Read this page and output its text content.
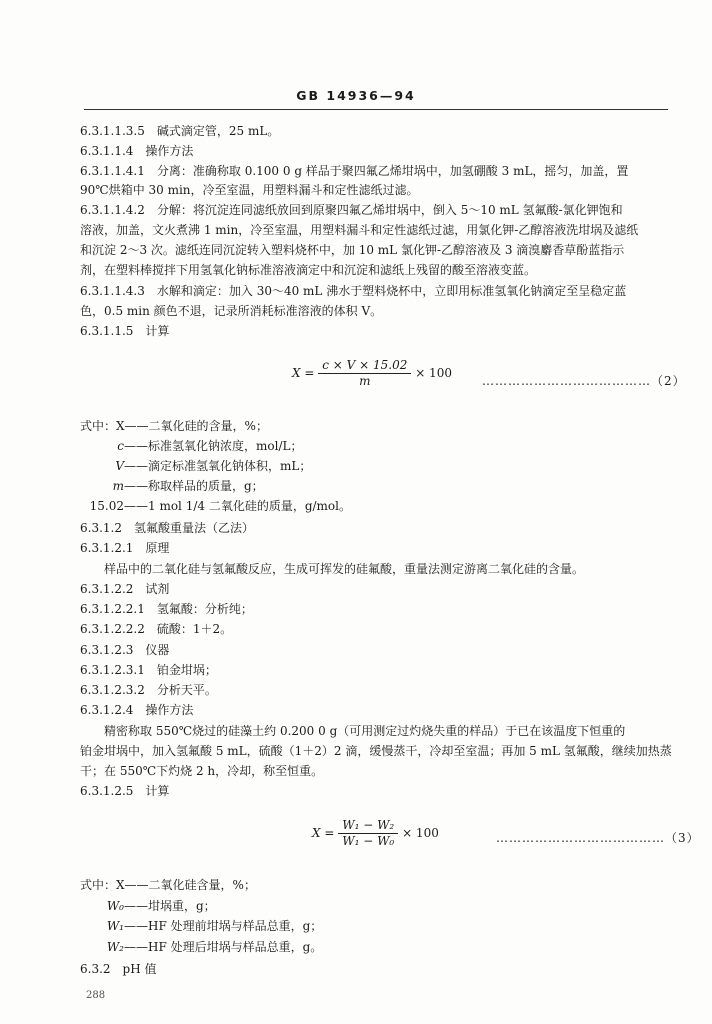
GB 14936—94
6.3.1.1.3.5　碱式滴定管，25 mL。
6.3.1.1.4　操作方法
6.3.1.1.4.1　分离：准确称取 0.100 0 g 样品于聚四氟乙烯坩埚中，加氢硼酸 3 mL，摇匀，加盖，置
90℃烘箱中 30 min，冷至室温，用塑料漏斗和定性滤纸过滤。
6.3.1.1.4.2　分解：将沉淀连同滤纸放回到原聚四氟乙烯坩埚中，倒入 5～10 mL 氢氟酸-氯化钾饱和
溶液，加盖，文火煮沸 1 min，冷至室温，用塑料漏斗和定性滤纸过滤，用氯化钾-乙醇溶液洗坩埚及滤纸
和沉淀 2～3 次。滤纸连同沉淀转入塑料烧杯中，加 10 mL 氯化钾-乙醇溶液及 3 滴溴麝香草酚蓝指示
剂，在塑料棒搅拌下用氢氧化钠标准溶液滴定中和沉淀和滤纸上残留的酸至溶液变蓝。
6.3.1.1.4.3　水解和滴定：加入 30～40 mL 沸水于塑料烧杯中，立即用标准氢氧化钠滴定至呈稳定蓝
色，0.5 min 颜色不退，记录所消耗标准溶液的体积 V。
6.3.1.1.5　计算
$X = \frac{c \times V \times 15.02}{m} \times 100$
…………………………………（2）
式中：X——二氧化硅的含量，%；
c——标准氢氧化钠浓度，mol/L；
V——滴定标准氢氧化钠体积，mL；
m——称取样品的质量，g；
15.02——1 mol 1/4 二氧化硅的质量，g/mol。
6.3.1.2　氢氟酸重量法（乙法）
6.3.1.2.1　原理
样品中的二氧化硅与氢氟酸反应，生成可挥发的硅氟酸，重量法测定游离二氧化硅的含量。
6.3.1.2.2　试剂
6.3.1.2.2.1　氢氟酸：分析纯；
6.3.1.2.2.2　硫酸：1＋2。
6.3.1.2.3　仪器
6.3.1.2.3.1　铂金坩埚；
6.3.1.2.3.2　分析天平。
6.3.1.2.4　操作方法
精密称取 550℃烧过的硅藻土约 0.200 0 g（可用测定过灼烧失重的样品）于已在该温度下恒重的
铂金坩埚中，加入氢氟酸 5 mL，硫酸（1＋2）2 滴，缓慢蒸干，冷却至室温；再加 5 mL 氢氟酸，继续加热蒸
干；在 550℃下灼烧 2 h，冷却，称至恒重。
6.3.1.2.5　计算
$X = \frac{\text{W₁ − W₂}}{\text{W₁ − W₀}} \times 100$	…………………………………（3）
式中：X——二氧化硅含量，%；
W₀——坩埚重，g；
W₁——HF 处理前坩埚与样品总重，g；
W₂——HF 处理后坩埚与样品总重，g。
6.3.2　pH 值
288
